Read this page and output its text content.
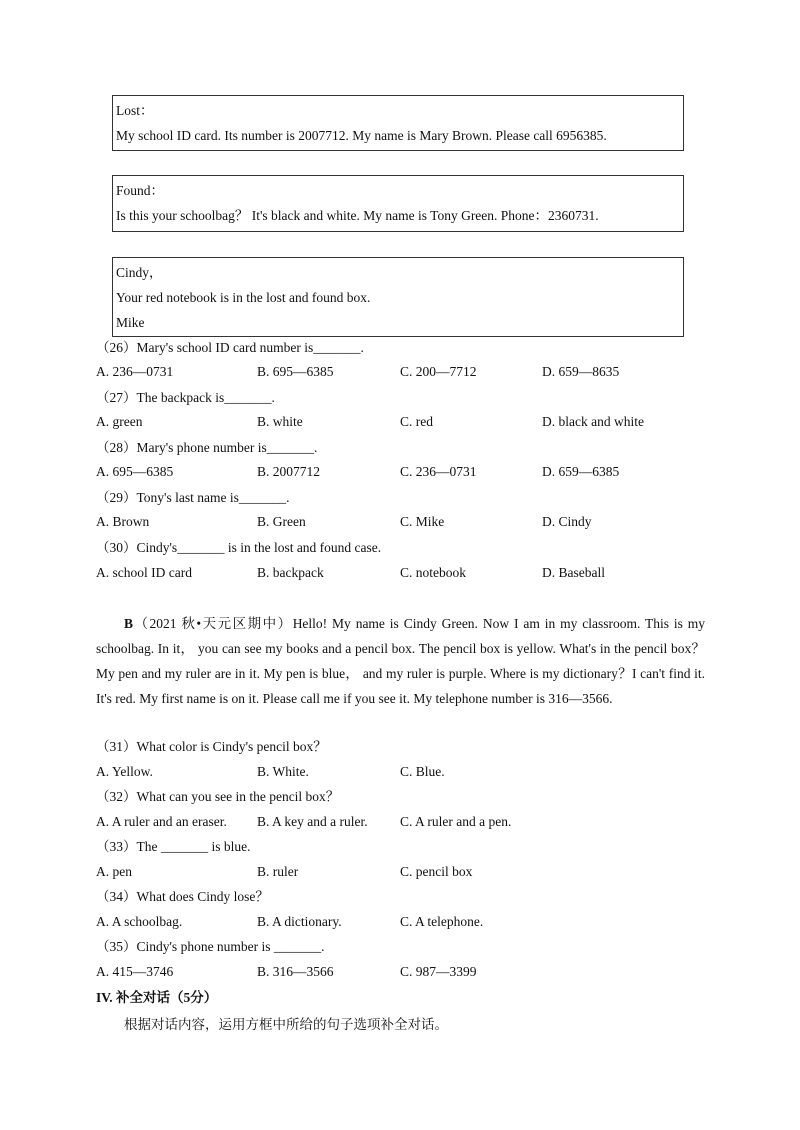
Lost：
My school ID card. Its number is 2007712. My name is Mary Brown. Please call 6956385.
Found：
Is this your schoolbag？ It's black and white. My name is Tony Green. Phone：2360731.
Cindy，
Your red notebook is in the lost and found box.
Mike
（26）Mary's school ID card number is_______.
A. 236—0731	B. 695—6385	C. 200—7712	D. 659—8635
（27）The backpack is_______.
A. green	B. white	C. red	D. black and white
（28）Mary's phone number is_______.
A. 695—6385	B. 2007712	C. 236—0731	D. 659—6385
（29）Tony's last name is_______.
A. Brown	B. Green	C. Mike	D. Cindy
（30）Cindy's_______ is in the lost and found case.
A. school ID card	B. backpack	C. notebook	D. Baseball
B（2021 秋•天元区期中）Hello! My name is Cindy Green. Now I am in my classroom. This is my schoolbag. In it， you can see my books and a pencil box. The pencil box is yellow. What's in the pencil box？My pen and my ruler are in it. My pen is blue， and my ruler is purple. Where is my dictionary？I can't find it. It's red. My first name is on it. Please call me if you see it. My telephone number is 316—3566.
（31）What color is Cindy's pencil box？
A. Yellow.	B. White.	C. Blue.
（32）What can you see in the pencil box？
A. A ruler and an eraser. B. A key and a ruler. C. A ruler and a pen.
（33）The _______ is blue.
A. pen	B. ruler	C. pencil box
（34）What does Cindy lose？
A. A schoolbag.	B. A dictionary.	C. A telephone.
（35）Cindy's phone number is _______.
A. 415—3746	B. 316—3566	C. 987—3399
IV. 补全对话（5分）
根据对话内容，运用方框中所给的句子选项补全对话。
